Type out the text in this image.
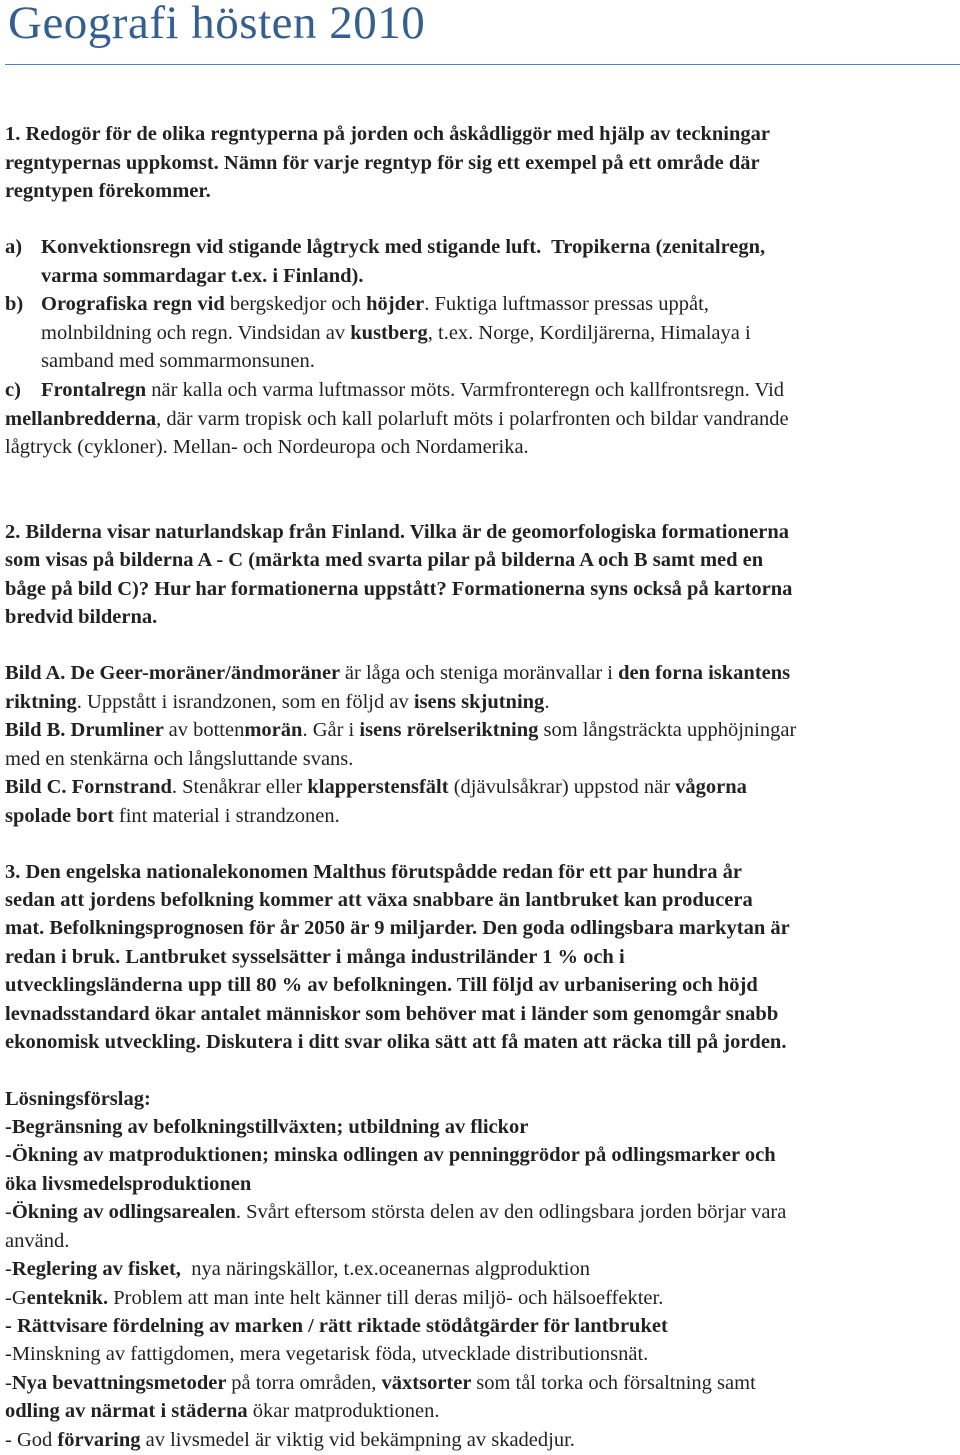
Geografi hösten 2010

1. Redogör för de olika regntyperna på jorden och åskådliggör med hjälp av teckningar

regntypernas uppkomst. Nämn för varje regntyp för sig ett exempel på ett område där

regntypen förekommer.

a) Konvektionsregn vid stigande lågtryck med stigande luft.  Tropikerna (zenitalregn,

varma sommardagar t.ex. i Finland).

b) Orografiska regn vid bergskedjor och höjder. Fuktiga luftmassor pressas uppåt,

molnbildning och regn. Vindsidan av kustberg, t.ex. Norge, Kordiljärerna, Himalaya i

samband med sommarmonsunen.

c) Frontalregn när kalla och varma luftmassor möts. Varmfronteregn och kallfrontsregn. Vid

mellanbredderna, där varm tropisk och kall polarluft möts i polarfronten och bildar vandrande

lågtryck (cykloner). Mellan- och Nordeuropa och Nordamerika.

2. Bilderna visar naturlandskap från Finland. Vilka är de geomorfologiska formationerna

som visas på bilderna A - C (märkta med svarta pilar på bilderna A och B samt med en

båge på bild C)? Hur har formationerna uppstått? Formationerna syns också på kartorna

bredvid bilderna.

Bild A. De Geer-moräner/ändmoräner är låga och steniga moränvallar i den forna iskantens

riktning. Uppstått i israndzonen, som en följd av isens skjutning.

Bild B. Drumliner av bottenmorän. Går i isens rörelseriktning som långsträckta upphöjningar

med en stenkärna och långsluttande svans.

Bild C. Fornstrand. Stenåkrar eller klapperstensfält (djävulsåkrar) uppstod när vågorna

spolade bort fint material i strandzonen.

3. Den engelska nationalekonomen Malthus förutspådde redan för ett par hundra år

sedan att jordens befolkning kommer att växa snabbare än lantbruket kan producera

mat. Befolkningsprognosen för år 2050 är 9 miljarder. Den goda odlingsbara markytan är

redan i bruk. Lantbruket sysselsätter i många industriländer 1 % och i

utvecklingsländerna upp till 80 % av befolkningen. Till följd av urbanisering och höjd

levnadsstandard ökar antalet människor som behöver mat i länder som genomgår snabb

ekonomisk utveckling. Diskutera i ditt svar olika sätt att få maten att räcka till på jorden.

Lösningsförslag:

-Begränsning av befolkningstillväxten; utbildning av flickor

-Ökning av matproduktionen; minska odlingen av penninggrödor på odlingsmarker och

öka livsmedelsproduktionen

-Ökning av odlingsarealen. Svårt eftersom största delen av den odlingsbara jorden börjar vara

använd.

-Reglering av fisket,  nya näringskällor, t.ex.oceanernas algproduktion

-Genteknik. Problem att man inte helt känner till deras miljö- och hälsoeffekter.

- Rättvisare fördelning av marken / rätt riktade stödåtgärder för lantbruket

-Minskning av fattigdomen, mera vegetarisk föda, utvecklade distributionsnät.

-Nya bevattningsmetoder på torra områden, växtsorter som tål torka och försaltning samt

odling av närmat i städerna ökar matproduktionen.

- God förvaring av livsmedel är viktig vid bekämpning av skadedjur.
